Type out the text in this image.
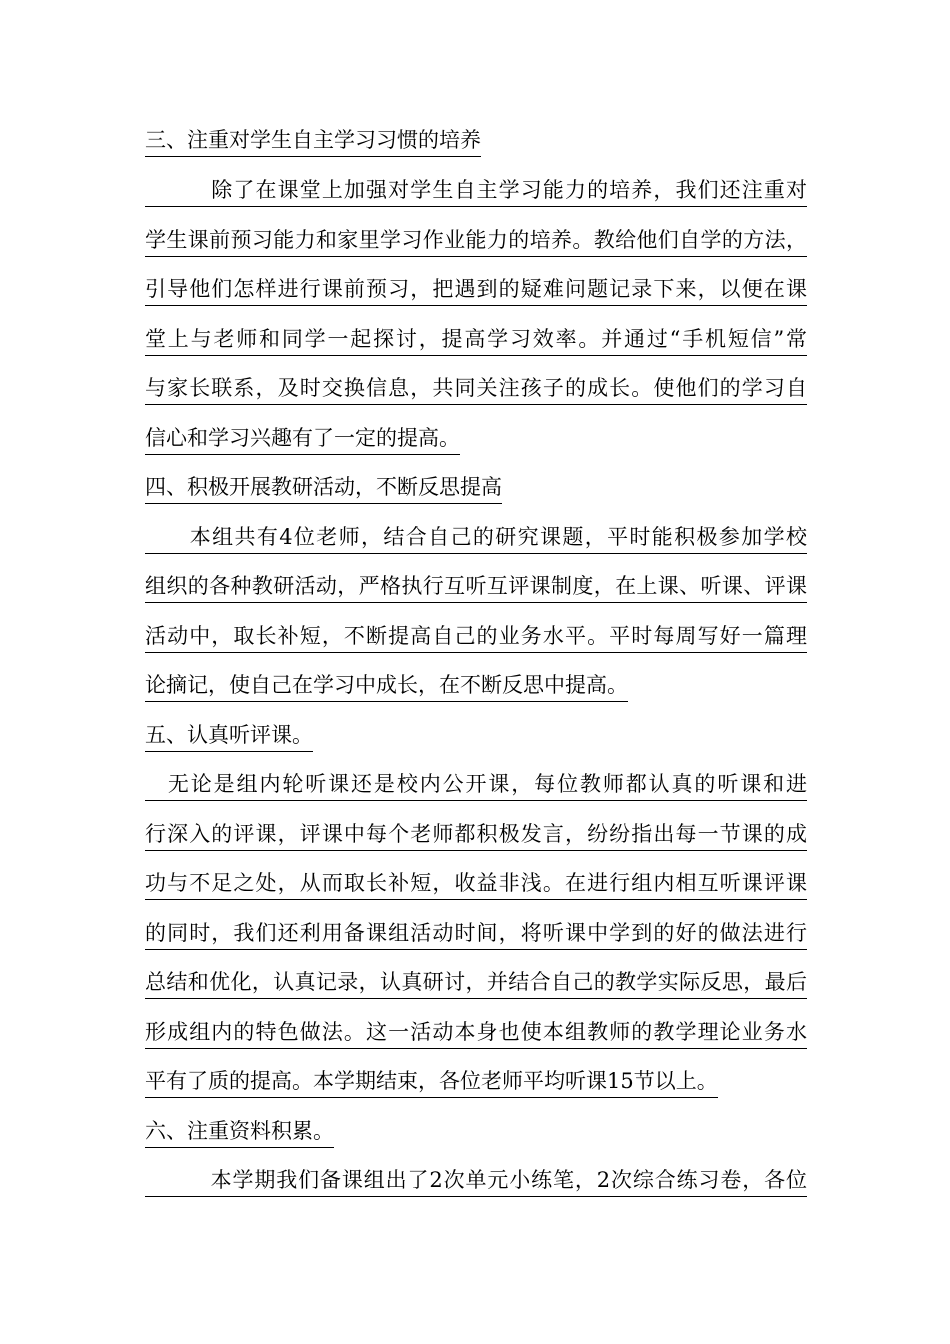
三、注重对学生自主学习习惯的培养
　　　除了在课堂上加强对学生自主学习能力的培养，我们还注重对
学生课前预习能力和家里学习作业能力的培养。教给他们自学的方法，
引导他们怎样进行课前预习，把遇到的疑难问题记录下来，以便在课
堂上与老师和同学一起探讨，提高学习效率。并通过“手机短信”常
与家长联系，及时交换信息，共同关注孩子的成长。使他们的学习自
信心和学习兴趣有了一定的提高。
四、积极开展教研活动，不断反思提高
　　本组共有4位老师，结合自己的研究课题，平时能积极参加学校
组织的各种教研活动，严格执行互听互评课制度，在上课、听课、评课
活动中，取长补短，不断提高自己的业务水平。平时每周写好一篇理
论摘记，使自己在学习中成长，在不断反思中提高。
五、认真听评课。
　无论是组内轮听课还是校内公开课，每位教师都认真的听课和进
行深入的评课，评课中每个老师都积极发言，纷纷指出每一节课的成
功与不足之处，从而取长补短，收益非浅。在进行组内相互听课评课
的同时，我们还利用备课组活动时间，将听课中学到的好的做法进行
总结和优化，认真记录，认真研讨，并结合自己的教学实际反思，最后
形成组内的特色做法。这一活动本身也使本组教师的教学理论业务水
平有了质的提高。本学期结束，各位老师平均听课15节以上。
六、注重资料积累。
　　　本学期我们备课组出了2次单元小练笔，2次综合练习卷，各位
